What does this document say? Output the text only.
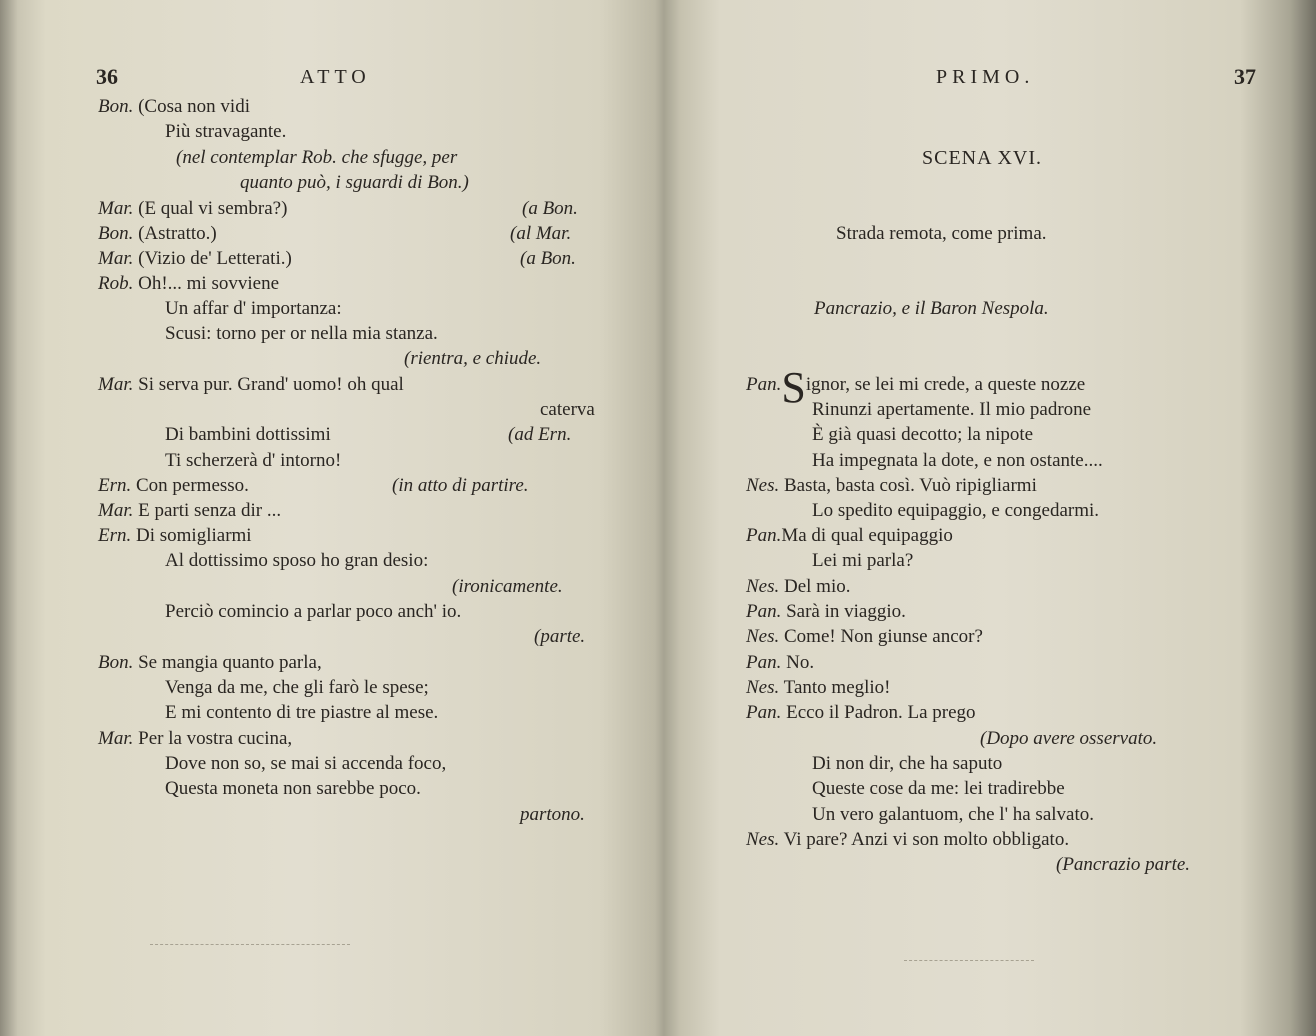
36	ATTO
Bon. (Cosa non vidi
Più stravagante.
(nel contemplar Rob. che sfugge, per
quanto può, i sguardi di Bon.)
Mar. (E qual vi sembra?)	(a Bon.
Bon. (Astratto.)	(al Mar.
Mar. (Vizio de' Letterati.)	(a Bon.
Rob. Oh!... mi sovviene
Un affar d' importanza:
Scusi: torno per or nella mia stanza.
(rientra, e chiude.
Mar. Si serva pur. Grand' uomo! oh qual
caterva
Di bambini dottissimi	(ad Ern.
Ti scherzerà d' intorno!
Ern. Con permesso.	(in atto di partire.
Mar. E parti senza dir ...
Ern. Di somigliarmi
Al dottissimo sposo ho gran desio:
(ironicamente.
Perciò comincio a parlar poco anch' io.
(parte.
Bon. Se mangia quanto parla,
Venga da me, che gli farò le spese;
E mi contento di tre piastre al mese.
Mar. Per la vostra cucina,
Dove non so, se mai si accenda foco,
Questa moneta non sarebbe poco.
partono.
PRIMO.	37
SCENA XVI.
Strada remota, come prima.
Pancrazio, e il Baron Nespola.
Pan.Signor, se lei mi crede, a queste nozze
Rinunzi apertamente. Il mio padrone
È già quasi decotto; la nipote
Ha impegnata la dote, e non ostante....
Nes. Basta, basta così. Vuò ripigliarmi
Lo spedito equipaggio, e congedarmi.
Pan.Ma di qual equipaggio
Lei mi parla?
Nes. Del mio.
Pan. Sarà in viaggio.
Nes. Come! Non giunse ancor?
Pan. No.
Nes. Tanto meglio!
Pan. Ecco il Padron. La prego
(Dopo avere osservato.
Di non dir, che ha saputo
Queste cose da me: lei tradirebbe
Un vero galantuom, che l' ha salvato.
Nes. Vi pare? Anzi vi son molto obbligato.
(Pancrazio parte.
